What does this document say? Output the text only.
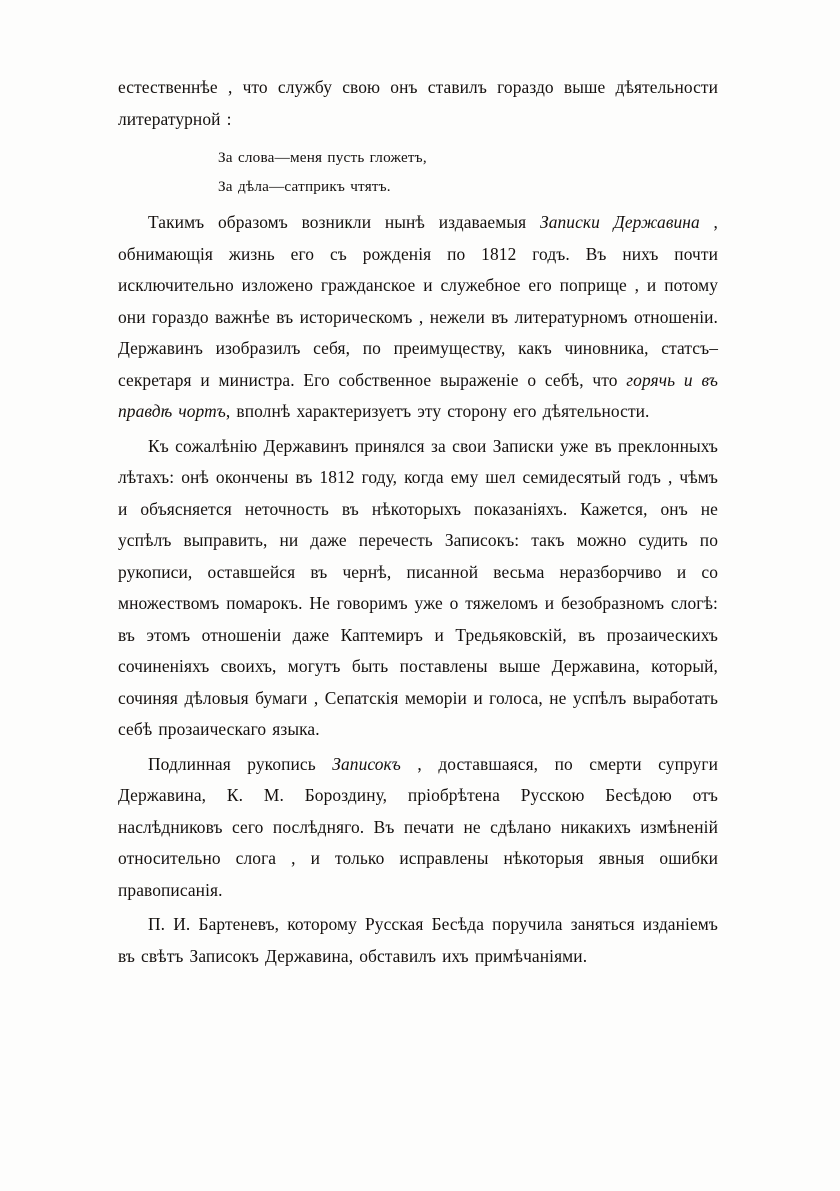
естественнѣе , что службу свою онъ ставилъ гораздо выше дѣятельности литературной :

За слова—меня пусть гложетъ,
За дѣла—сатприкъ чтятъ.

Такимъ образомъ возникли нынѣ издаваемыя Записки Державина , обнимающія жизнь его съ рожденія по 1812 годъ. Въ нихъ почти исключительно изложено гражданское и служебное его поприще , и потому они гораздо важнѣе въ историческомъ , нежели въ литературномъ отношеніи. Державинъ изобразилъ себя, по преимуществу, какъ чиновника, статсъ–секретаря и министра. Его собственное выраженіе о себѣ, что горячь и въ правдѣ чортъ, вполнѣ характеризуетъ эту сторону его дѣятельности.

Къ сожалѣнію Державинъ принялся за свои Записки уже въ преклонныхъ лѣтахъ: онѣ окончены въ 1812 году, когда ему шел семидесятый годъ , чѣмъ и объясняется неточность въ нѣкоторыхъ показаніяхъ. Кажется, онъ не успѣлъ выправить, ни даже перечесть Записокъ: такъ можно судить по рукописи, оставшейся въ чернѣ, писанной весьма неразборчиво и со множествомъ помарокъ. Не говоримъ уже о тяжеломъ и безобразномъ слогѣ: въ этомъ отношеніи даже Каптемиръ и Тредьяковскій, въ прозаическихъ сочиненіяхъ своихъ, могутъ быть поставлены выше Державина, который, сочиняя дѣловыя бумаги , Сепатскія меморіи и голоса, не успѣлъ выработать себѣ прозаическаго языка.

Подлинная рукопись Записокъ , доставшаяся, по смерти супруги Державина, К. М. Бороздину, пріобрѣтена Русскою Бесѣдою отъ наслѣдниковъ сего послѣдняго. Въ печати не сдѣлано никакихъ измѣненій относительно слога , и только исправлены нѣкоторыя явныя ошибки правописанія.

П. И. Бартеневъ, которому Русская Бесѣда поручила заняться изданіемъ въ свѣтъ Записокъ Державина, обставилъ ихъ примѣчаніями.
